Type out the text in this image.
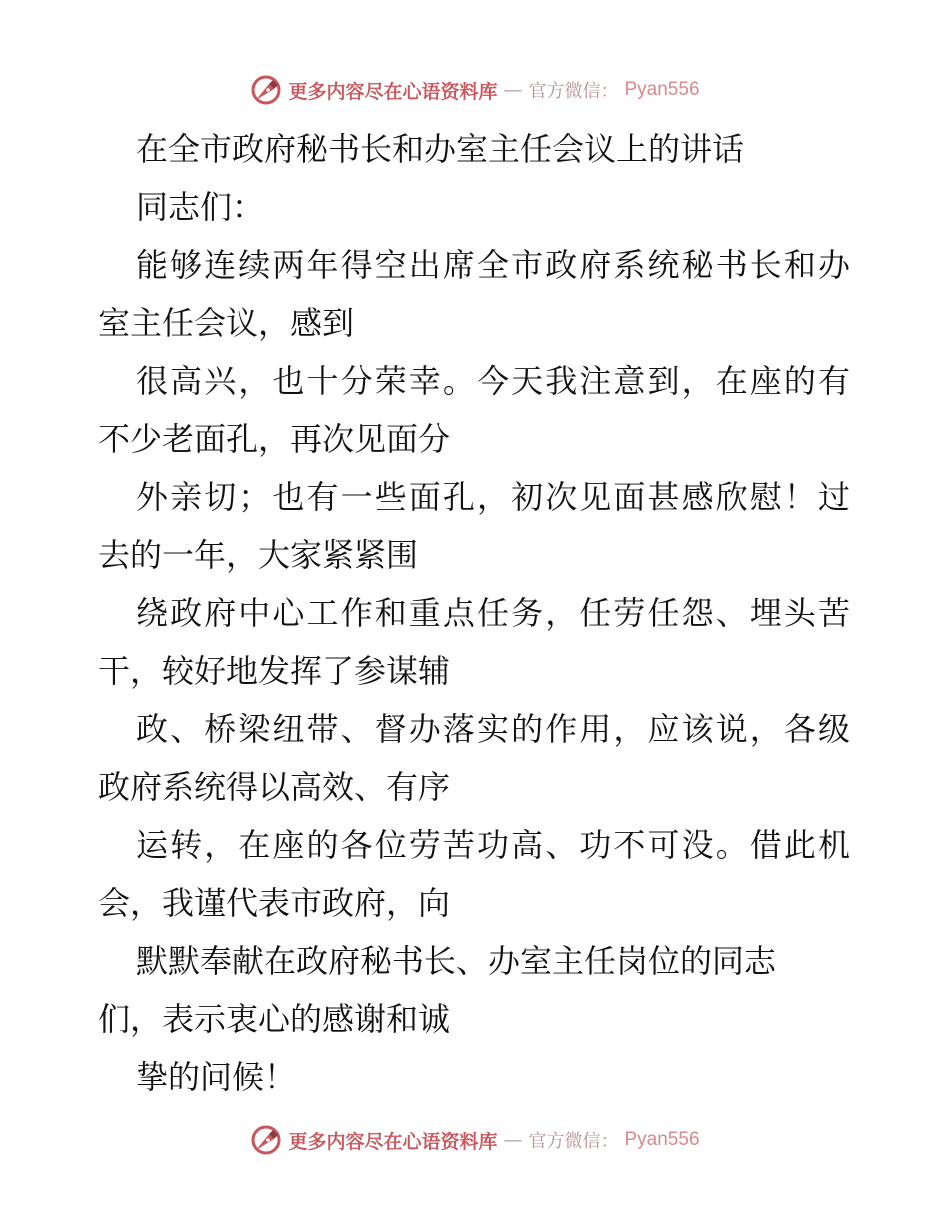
更多内容尽在心语资料库 — 官方微信： Pyan556
在全市政府秘书长和办室主任会议上的讲话
同志们：
能够连续两年得空出席全市政府系统秘书长和办
室主任会议，感到
很高兴，也十分荣幸。今天我注意到，在座的有
不少老面孔，再次见面分
外亲切；也有一些面孔，初次见面甚感欣慰！过
去的一年，大家紧紧围
绕政府中心工作和重点任务，任劳任怨、埋头苦
干，较好地发挥了参谋辅
政、桥梁纽带、督办落实的作用，应该说，各级
政府系统得以高效、有序
运转，在座的各位劳苦功高、功不可没。借此机
会，我谨代表市政府，向
默默奉献在政府秘书长、办室主任岗位的同志
们，表示衷心的感谢和诚
挚的问候！
更多内容尽在心语资料库 — 官方微信： Pyan556
